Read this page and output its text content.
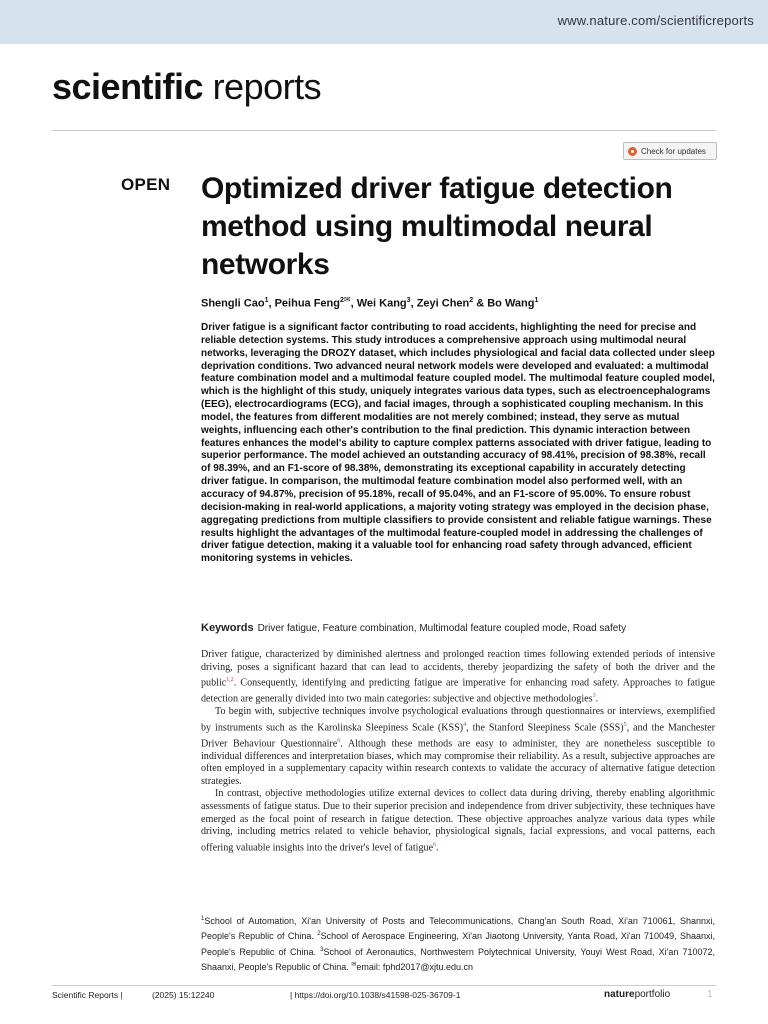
www.nature.com/scientificreports
scientific reports
Check for updates
OPEN Optimized driver fatigue detection method using multimodal neural networks
Shengli Cao$^1$, Peihua Feng$^{2✉}$, Wei Kang$^3$, Zeyi Chen$^2$ & Bo Wang$^1$

Driver fatigue is a significant factor contributing to road accidents, highlighting the need for precise and reliable detection systems. This study introduces a comprehensive approach using multimodal neural networks, leveraging the DROZY dataset, which includes physiological and facial data collected under sleep deprivation conditions. Two advanced neural network models were developed and evaluated: a multimodal feature combination model and a multimodal feature coupled model. The multimodal feature coupled model, which is the highlight of this study, uniquely integrates various data types, such as electroencephalograms (EEG), electrocardiograms (ECG), and facial images, through a sophisticated coupling mechanism. In this model, the features from different modalities are not merely combined; instead, they serve as mutual weights, influencing each other's contribution to the final prediction. This dynamic interaction between features enhances the model's ability to capture complex patterns associated with driver fatigue, leading to superior performance. The model achieved an outstanding accuracy of 98.41%, precision of 98.38%, recall of 98.39%, and an F1-score of 98.38%, demonstrating its exceptional capability in accurately detecting driver fatigue. In comparison, the multimodal feature combination model also performed well, with an accuracy of 94.87%, precision of 95.18%, recall of 95.04%, and an F1-score of 95.00%. To ensure robust decision-making in real-world applications, a majority voting strategy was employed in the decision phase, aggregating predictions from multiple classifiers to provide consistent and reliable fatigue warnings. These results highlight the advantages of the multimodal feature-coupled model in addressing the challenges of driver fatigue detection, making it a valuable tool for enhancing road safety through advanced, efficient monitoring systems in vehicles.

Keywords Driver fatigue, Feature combination, Multimodal feature coupled mode, Road safety

Driver fatigue, characterized by diminished alertness and prolonged reaction times following extended periods of intensive driving, poses a significant hazard that can lead to accidents, thereby jeopardizing the safety of both the driver and the public$^{1,2}$. Consequently, identifying and predicting fatigue are imperative for enhancing road safety. Approaches to fatigue detection are generally divided into two main categories: subjective and objective methodologies$^3$.

To begin with, subjective techniques involve psychological evaluations through questionnaires or interviews, exemplified by instruments such as the Karolinska Sleepiness Scale (KSS)$^4$, the Stanford Sleepiness Scale (SSS)$^5$, and the Manchester Driver Behaviour Questionnaire$^6$. Although these methods are easy to administer, they are nonetheless susceptible to individual differences and interpretation biases, which may compromise their reliability. As a result, subjective approaches are often employed in a supplementary capacity within research contexts to validate the accuracy of alternative fatigue detection strategies.

In contrast, objective methodologies utilize external devices to collect data during driving, thereby enabling algorithmic assessments of fatigue status. Due to their superior precision and independence from driver subjectivity, these techniques have emerged as the focal point of research in fatigue detection. These objective approaches analyze various data types while driving, including metrics related to vehicle behavior, physiological signals, facial expressions, and vocal patterns, each offering valuable insights into the driver's level of fatigue$^6$.

$^1$School of Automation, Xi'an University of Posts and Telecommunications, Chang'an South Road, Xi'an 710061, Shannxi, People's Republic of China. $^2$School of Aerospace Engineering, Xi'an Jiaotong University, Yanta Road, Xi'an 710049, Shaanxi, People's Republic of China. $^3$School of Aeronautics, Northwestern Polytechnical University, Youyi West Road, Xi'an 710072, Shaanxi, People's Republic of China. ✉email: fphd2017@xjtu.edu.cn

Scientific Reports |	(2025) 15:12240	| https://doi.org/10.1038/s41598-025-36709-1	natureportfolio	1
